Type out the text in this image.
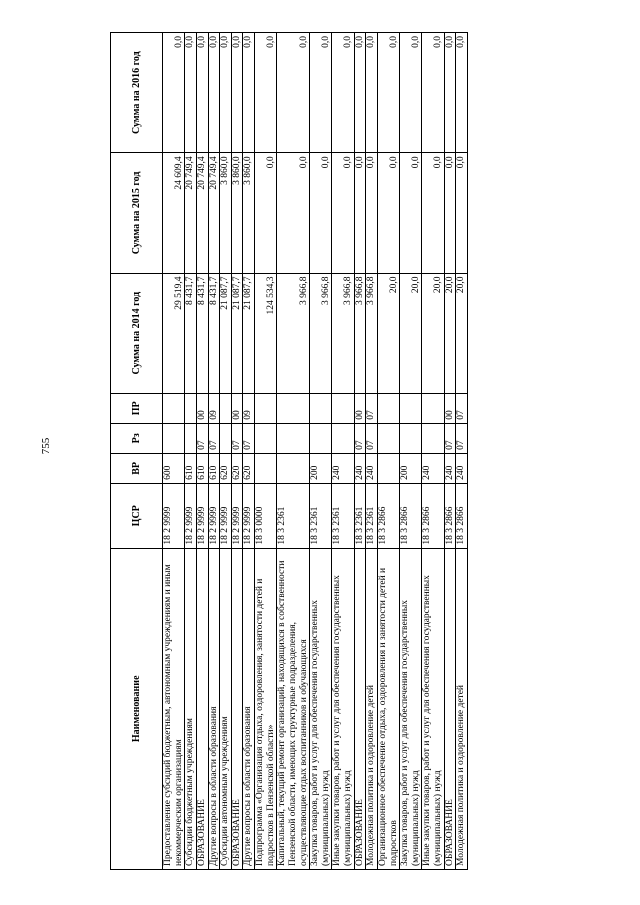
755
Наименование	ЦСР	ВР	Рз	ПР	Сумма на 2014 год	Сумма на 2015 год	Сумма на 2016 год
Предоставление субсидий бюджетным, автономным учреждениям и иным некоммерческим организациям	18 2 9999	600			29 519,4	24 609,4	0,0
Субсидии бюджетным учреждениям	18 2 9999	610			8 431,7	20 749,4	0,0
ОБРАЗОВАНИЕ	18 2 9999	610	07	00	8 431,7	20 749,4	0,0
Другие вопросы в области образования	18 2 9999	610	07	09	8 431,7	20 749,4	0,0
Субсидии автономным учреждениям	18 2 9999	620			21 087,7	3 860,0	0,0
ОБРАЗОВАНИЕ	18 2 9999	620	07	00	21 087,7	3 860,0	0,0
Другие вопросы в области образования	18 2 9999	620	07	09	21 087,7	3 860,0	0,0
Подпрограмма «Организация отдыха, оздоровления, занятости детей и подростков в Пензенской области»	18 3 0000				124 534,3	0,0	0,0
Капитальный, текущий ремонт организаций, находящихся в собственности Пензенской области, имеющих структурные подразделения, осуществляющие отдых воспитанников и обучающихся	18 3 2361				3 966,8	0,0	0,0
Закупка товаров, работ и услуг для обеспечения государственных (муниципальных) нужд	18 3 2361	200			3 966,8	0,0	0,0
Иные закупки товаров, работ и услуг для обеспечения государственных (муниципальных) нужд	18 3 2361	240			3 966,8	0,0	0,0
ОБРАЗОВАНИЕ	18 3 2361	240	07	00	3 966,8	0,0	0,0
Молодежная политика и оздоровление детей	18 3 2361	240	07	07	3 966,8	0,0	0,0
Организационное обеспечение отдыха, оздоровления и занятости детей и подростков	18 3 2866				20,0	0,0	0,0
Закупка товаров, работ и услуг для обеспечения государственных (муниципальных) нужд	18 3 2866	200			20,0	0,0	0,0
Иные закупки товаров, работ и услуг для обеспечения государственных (муниципальных) нужд	18 3 2866	240			20,0	0,0	0,0
ОБРАЗОВАНИЕ	18 3 2866	240	07	00	20,0	0,0	0,0
Молодежная политика и оздоровление детей	18 3 2866	240	07	07	20,0	0,0	0,0
